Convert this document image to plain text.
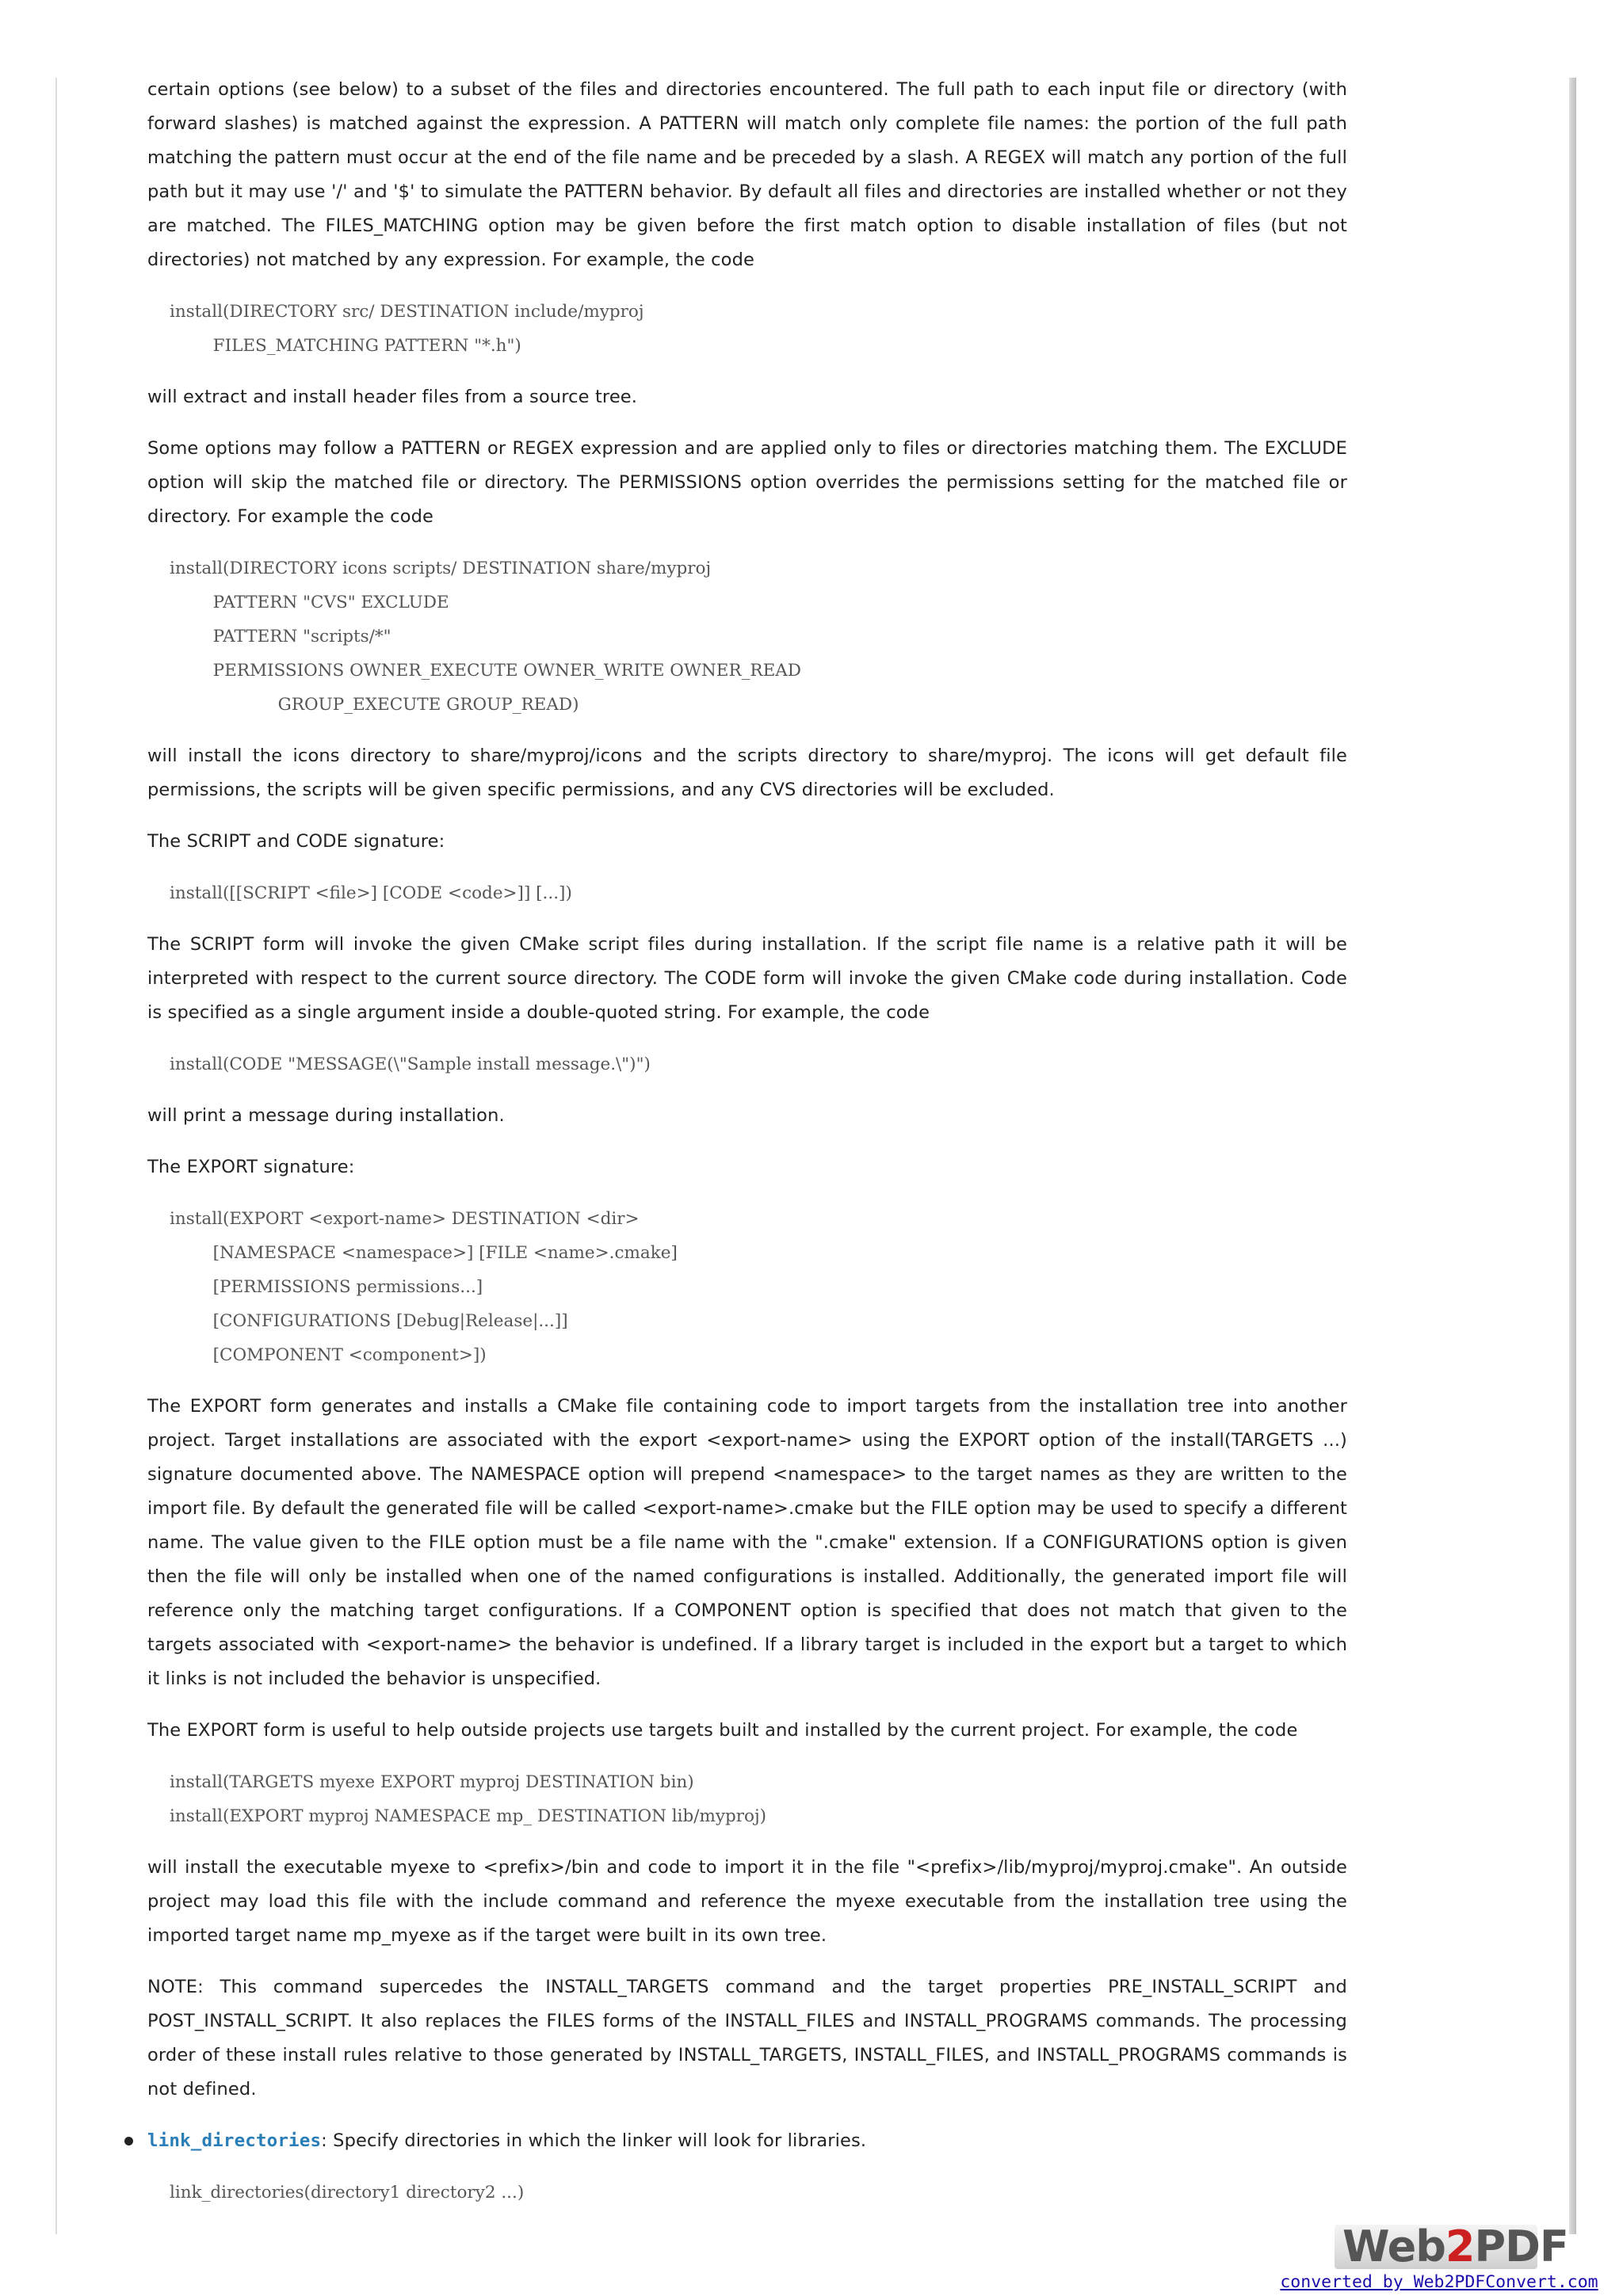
certain options (see below) to a subset of the files and directories encountered. The full path to each input file or directory (with forward slashes) is matched against the expression. A PATTERN will match only complete file names: the portion of the full path matching the pattern must occur at the end of the file name and be preceded by a slash. A REGEX will match any portion of the full path but it may use '/' and '$' to simulate the PATTERN behavior. By default all files and directories are installed whether or not they are matched. The FILES_MATCHING option may be given before the first match option to disable installation of files (but not directories) not matched by any expression. For example, the code

install(DIRECTORY src/ DESTINATION include/myproj
FILES_MATCHING PATTERN "*.h")

will extract and install header files from a source tree.

Some options may follow a PATTERN or REGEX expression and are applied only to files or directories matching them. The EXCLUDE option will skip the matched file or directory. The PERMISSIONS option overrides the permissions setting for the matched file or directory. For example the code

install(DIRECTORY icons scripts/ DESTINATION share/myproj
PATTERN "CVS" EXCLUDE
PATTERN "scripts/*"
PERMISSIONS OWNER_EXECUTE OWNER_WRITE OWNER_READ
GROUP_EXECUTE GROUP_READ)

will install the icons directory to share/myproj/icons and the scripts directory to share/myproj. The icons will get default file permissions, the scripts will be given specific permissions, and any CVS directories will be excluded.

The SCRIPT and CODE signature:

install([[SCRIPT <file>] [CODE <code>]] [...])

The SCRIPT form will invoke the given CMake script files during installation. If the script file name is a relative path it will be interpreted with respect to the current source directory. The CODE form will invoke the given CMake code during installation. Code is specified as a single argument inside a double-quoted string. For example, the code

install(CODE "MESSAGE(\"Sample install message.\")")

will print a message during installation.

The EXPORT signature:

install(EXPORT <export-name> DESTINATION <dir>
[NAMESPACE <namespace>] [FILE <name>.cmake]
[PERMISSIONS permissions...]
[CONFIGURATIONS [Debug|Release|...]]
[COMPONENT <component>])

The EXPORT form generates and installs a CMake file containing code to import targets from the installation tree into another project. Target installations are associated with the export <export-name> using the EXPORT option of the install(TARGETS ...) signature documented above. The NAMESPACE option will prepend <namespace> to the target names as they are written to the import file. By default the generated file will be called <export-name>.cmake but the FILE option may be used to specify a different name. The value given to the FILE option must be a file name with the ".cmake" extension. If a CONFIGURATIONS option is given then the file will only be installed when one of the named configurations is installed. Additionally, the generated import file will reference only the matching target configurations. If a COMPONENT option is specified that does not match that given to the targets associated with <export-name> the behavior is undefined. If a library target is included in the export but a target to which it links is not included the behavior is unspecified.

The EXPORT form is useful to help outside projects use targets built and installed by the current project. For example, the code

install(TARGETS myexe EXPORT myproj DESTINATION bin)
install(EXPORT myproj NAMESPACE mp_ DESTINATION lib/myproj)

will install the executable myexe to <prefix>/bin and code to import it in the file "<prefix>/lib/myproj/myproj.cmake". An outside project may load this file with the include command and reference the myexe executable from the installation tree using the imported target name mp_myexe as if the target were built in its own tree.

NOTE: This command supercedes the INSTALL_TARGETS command and the target properties PRE_INSTALL_SCRIPT and POST_INSTALL_SCRIPT. It also replaces the FILES forms of the INSTALL_FILES and INSTALL_PROGRAMS commands. The processing order of these install rules relative to those generated by INSTALL_TARGETS, INSTALL_FILES, and INSTALL_PROGRAMS commands is not defined.

link_directories: Specify directories in which the linker will look for libraries.

link_directories(directory1 directory2 ...)
Web2PDF
converted by Web2PDFConvert.com
